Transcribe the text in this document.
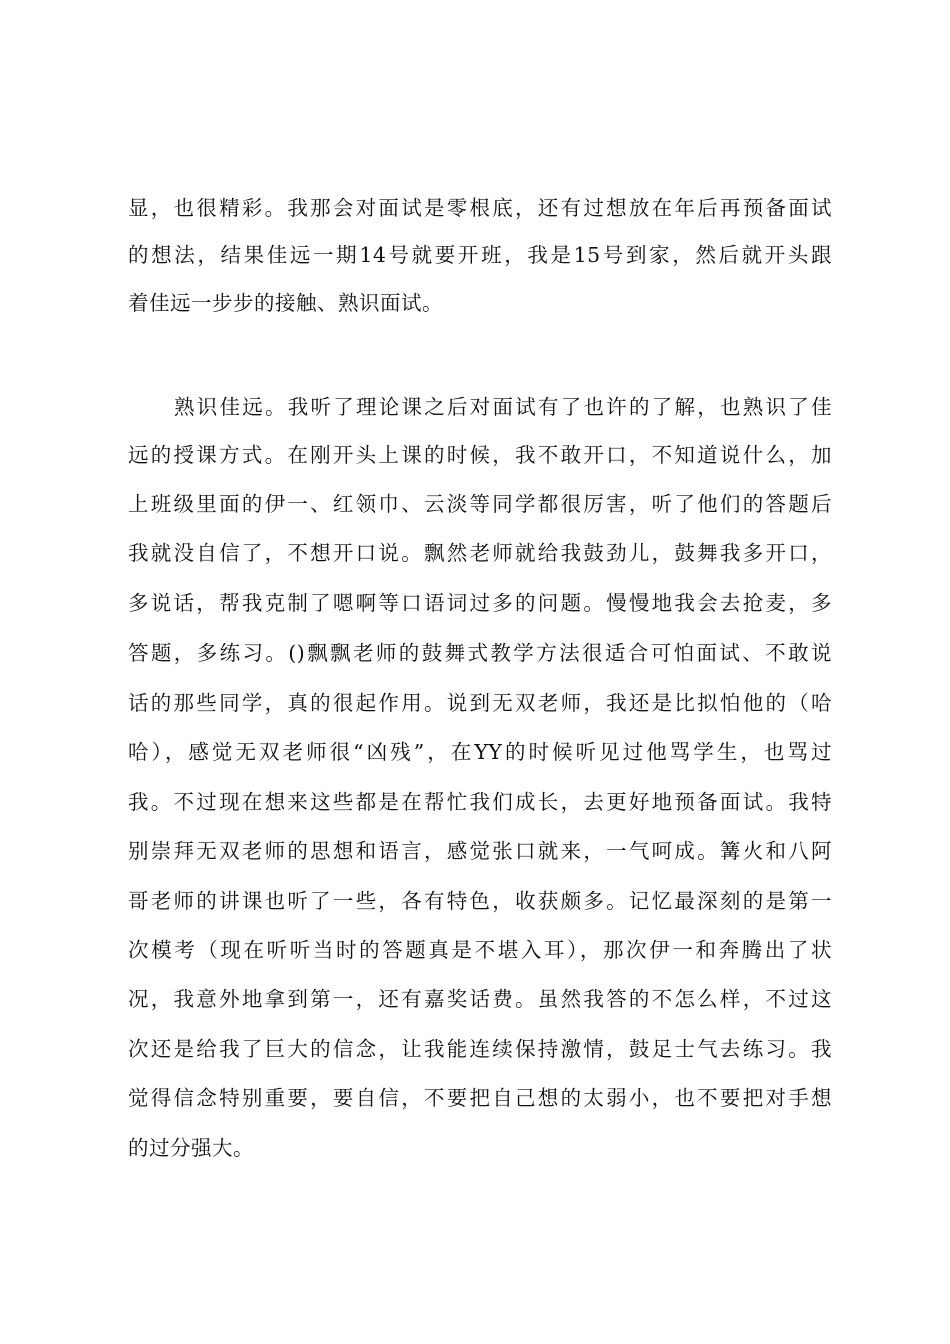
显，也很精彩。我那会对面试是零根底，还有过想放在年后再预备面试
的想法，结果佳远一期14号就要开班，我是15号到家，然后就开头跟
着佳远一步步的接触、熟识面试。
熟识佳远。我听了理论课之后对面试有了也许的了解，也熟识了佳
远的授课方式。在刚开头上课的时候，我不敢开口，不知道说什么，加
上班级里面的伊一、红领巾、云淡等同学都很厉害，听了他们的答题后
我就没自信了，不想开口说。飘然老师就给我鼓劲儿，鼓舞我多开口，
多说话，帮我克制了嗯啊等口语词过多的问题。慢慢地我会去抢麦，多
答题，多练习。()飘飘老师的鼓舞式教学方法很适合可怕面试、不敢说
话的那些同学，真的很起作用。说到无双老师，我还是比拟怕他的（哈
哈），感觉无双老师很“凶残”，在YY的时候听见过他骂学生，也骂过
我。不过现在想来这些都是在帮忙我们成长，去更好地预备面试。我特
别崇拜无双老师的思想和语言，感觉张口就来，一气呵成。篝火和八阿
哥老师的讲课也听了一些，各有特色，收获颇多。记忆最深刻的是第一
次模考（现在听听当时的答题真是不堪入耳），那次伊一和奔腾出了状
况，我意外地拿到第一，还有嘉奖话费。虽然我答的不怎么样，不过这
次还是给我了巨大的信念，让我能连续保持激情，鼓足士气去练习。我
觉得信念特别重要，要自信，不要把自己想的太弱小，也不要把对手想
的过分强大。
